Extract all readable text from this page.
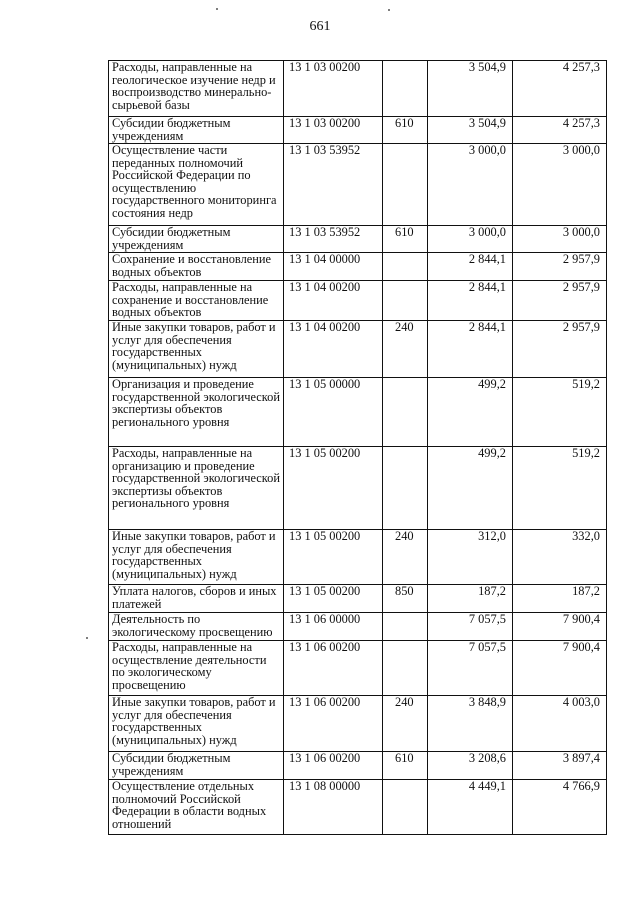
661
Расходы, направленные на геологическое изучение недр и воспроизводство минерально-сырьевой базы	13 1 03 00200		3 504,9	4 257,3
Субсидии бюджетным учреждениям	13 1 03 00200	610	3 504,9	4 257,3
Осуществление части переданных полномочий Российской Федерации по осуществлению государственного мониторинга состояния недр	13 1 03 53952		3 000,0	3 000,0
Субсидии бюджетным учреждениям	13 1 03 53952	610	3 000,0	3 000,0
Сохранение и восстановление водных объектов	13 1 04 00000		2 844,1	2 957,9
Расходы, направленные на сохранение и восстановление водных объектов	13 1 04 00200		2 844,1	2 957,9
Иные закупки товаров, работ и услуг для обеспечения государственных (муниципальных) нужд	13 1 04 00200	240	2 844,1	2 957,9
Организация и проведение государственной экологической экспертизы объектов регионального уровня	13 1 05 00000		499,2	519,2
Расходы, направленные на организацию и проведение государственной экологической экспертизы объектов регионального уровня	13 1 05 00200		499,2	519,2
Иные закупки товаров, работ и услуг для обеспечения государственных (муниципальных) нужд	13 1 05 00200	240	312,0	332,0
Уплата налогов, сборов и иных платежей	13 1 05 00200	850	187,2	187,2
Деятельность по экологическому просвещению	13 1 06 00000		7 057,5	7 900,4
Расходы, направленные на осуществление деятельности по экологическому просвещению	13 1 06 00200		7 057,5	7 900,4
Иные закупки товаров, работ и услуг для обеспечения государственных (муниципальных) нужд	13 1 06 00200	240	3 848,9	4 003,0
Субсидии бюджетным учреждениям	13 1 06 00200	610	3 208,6	3 897,4
Осуществление отдельных полномочий Российской Федерации в области водных отношений	13 1 08 00000		4 449,1	4 766,9
